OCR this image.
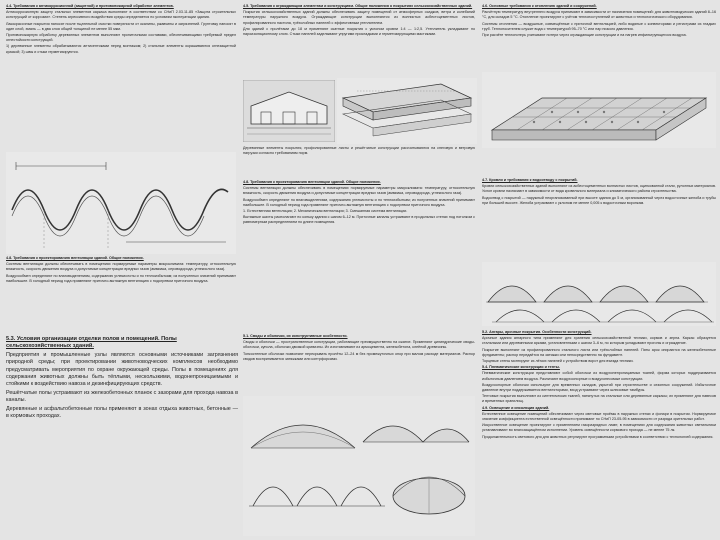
4.4. Требования к антикоррозионной (защитной) и противопожарной обработке элементов.

Антикоррозионную защиту стальных элементов каркаса выполняют в соответствии со СНиП 2.03.11-85 «Защита строительных конструкций от коррозии». Степень агрессивного воздействия среды определяется по условиям эксплуатации здания.

Лакокрасочные покрытия наносят после тщательной очистки поверхности от окалины, ржавчины и загрязнений. Грунтовку наносят в один слой, эмаль — в два слоя общей толщиной не менее 55 мкм.

Противопожарную обработку деревянных элементов выполняют пропиточными составами, обеспечивающими требуемый предел огнестойкости конструкций.

1) деревянные элементы обрабатываются антисептиками перед монтажом; 2) стальные элементы окрашиваются огнезащитной краской; 3) швы и стыки герметизируются.

5.3. Условия организации отделки полов и помещений. Полы сельскохозяйственных зданий.

Предприятия и промышленные узлы являются основными источниками загрязнения природной среды; при проектировании животноводческих комплексов необходимо предусматривать мероприятия по охране окружающей среды. Полы в помещениях для содержания животных должны быть тёплыми, нескользкими, водонепроницаемыми и стойкими к воздействию навоза и дезинфицирующих средств.

Решётчатые полы устраивают из железобетонных планок с зазорами для прохода навоза в каналы.

Деревянные и асфальтобетонные полы применяют в зонах отдыха животных, бетонные — в кормовых проходах.

4.8. Требования к проектированию вентиляции зданий. Общие положения.

Системы вентиляции должны обеспечивать в помещениях нормируемые параметры микроклимата: температуру, относительную влажность, скорость движения воздуха и допустимые концентрации вредных газов (аммиака, сероводорода, углекислого газа).

Воздухообмен определяют по влаговыделениям, содержанию углекислоты и по теплоизбыткам; из полученных значений принимают наибольшее. В холодный период года применяют приточно-вытяжную вентиляцию с подогревом приточного воздуха.

4.5. Требования к ограждающим элементам и конструкциям. Общие положения о покрытиях сельскохозяйственных зданий.

Покрытия сельскохозяйственных зданий должны обеспечивать защиту помещений от атмосферных осадков, ветра и колебаний температуры наружного воздуха. Ограждающие конструкции выполняются из волнистых асбестоцементных листов, профилированного настила, трёхслойных панелей с эффективным утеплителем.

Для зданий с пролётами до 18 м применяют скатные покрытия с уклоном кровли 1:4 — 1:2,5. Утеплитель укладывают по пароизоляционному слою. Стыки панелей заделывают упругими прокладками и герметизирующими мастиками.

Деревянные элементы покрытия, профилированные листы и решётчатые конструкции рассчитываются на снеговую и ветровую нагрузки согласно требованиям норм.

4.8. Требования к проектированию вентиляции зданий. Общие положения.

Системы вентиляции должны обеспечивать в помещениях нормируемые параметры микроклимата: температуру, относительную влажность, скорость движения воздуха и допустимые концентрации вредных газов (аммиака, сероводорода, углекислого газа).

Воздухообмен определяют по влаговыделениям, содержанию углекислоты и по теплоизбыткам; из полученных значений принимают наибольшее. В холодный период года применяют приточно-вытяжную вентиляцию с подогревом приточного воздуха.

1. Естественная вентиляция; 2. Механическая вентиляция; 3. Смешанная система вентиляции.

Вытяжные шахты располагают по коньку здания с шагом 6–12 м. Приточные каналы устраивают в продольных стенах под потолком с равномерным распределением по длине помещения.

5.1. Своды и оболочки, их конструктивные особенности.

Своды и оболочки — пространственные конструкции, работающие преимущественно на сжатие. Применяют цилиндрические своды-оболочки, купола, оболочки двоякой кривизны. Их изготавливают из армоцемента, железобетона, клеёной древесины.

Тонкостенные оболочки позволяют перекрывать пролёты 12–24 м без промежуточных опор при малом расходе материалов. Распор сводов воспринимается затяжками или контрфорсами.

4.6. Основные требования к отоплению зданий и сооружений.

Расчётную температуру внутреннего воздуха принимают в зависимости от назначения помещений: для животноводческих зданий 8–16 °C, для складов 5 °C. Отопление проектируют с учётом теплопоступлений от животных и технологического оборудования.

Системы отопления — воздушные, совмещённые с приточной вентиляцией, либо водяные с конвекторами и регистрами из гладких труб. Теплоносителем служит вода с температурой 95–70 °C или пар низкого давления.

При расчёте теплопотерь учитывают потери через ограждающие конструкции и на нагрев инфильтрующегося воздуха.

4.7. Кровли и требования к водоотводу с покрытий.

Кровли сельскохозяйственных зданий выполняют из асбестоцементных волнистых листов, оцинкованной стали, рулонных материалов. Уклон кровли назначают в зависимости от вида кровельного материала и климатического района строительства.

Водоотвод с покрытий — наружный неорганизованный при высоте здания до 5 м, организованный через водосточные желоба и трубы при большей высоте. Желоба устраивают с уклоном не менее 0,005 к водосточным воронкам.

5.2. Ангары, арочные покрытия. Особенности конструкций.

Арочные здания ангарного типа применяют для хранения сельскохозяйственной техники, кормов и зерна. Каркас образуется стальными или деревянными арками, установленными с шагом 3–6 м, по которым укладывают прогоны и ограждение.

Покрытие выполняют из профилированного стального листа или трёхслойных панелей. Пяты арок опираются на железобетонные фундаменты; распор передаётся на затяжки или непосредственно на фундамент.

Торцевые стены монтируют из лёгких панелей с устройством ворот для въезда техники.

5.4. Пневматические конструкции и тенты.

Пневматические конструкции представляют собой оболочки из воздухонепроницаемых тканей, форма которых поддерживается избыточным давлением воздуха. Различают воздухоопорные и воздухонесомые конструкции.

Воздухоопорные оболочки используют для временных складов, укрытий при строительстве и сезонных сооружений. Избыточное давление внутри поддерживается вентиляторами, вход устраивают через шлюзовые тамбуры.

Тентовые покрытия выполняют из синтетических тканей, натянутых на стальные или деревянные каркасы; их применяют для навесов и временных хранилищ.

4.9. Освещение и инсоляция зданий.

Естественное освещение помещений обеспечивают через световые проёмы в наружных стенах и фонари в покрытии. Нормируемое значение коэффициента естественной освещённости принимают по СНиП 23-05-95 в зависимости от разряда зрительных работ.

Искусственное освещение проектируют с применением газоразрядных ламп; в помещениях для содержания животных светильники устанавливают во влагозащищённом исполнении. Уровень освещённости кормового прохода — не менее 75 лк.

Продолжительность светового дня для животных регулируют программными устройствами в соответствии с технологией содержания.
